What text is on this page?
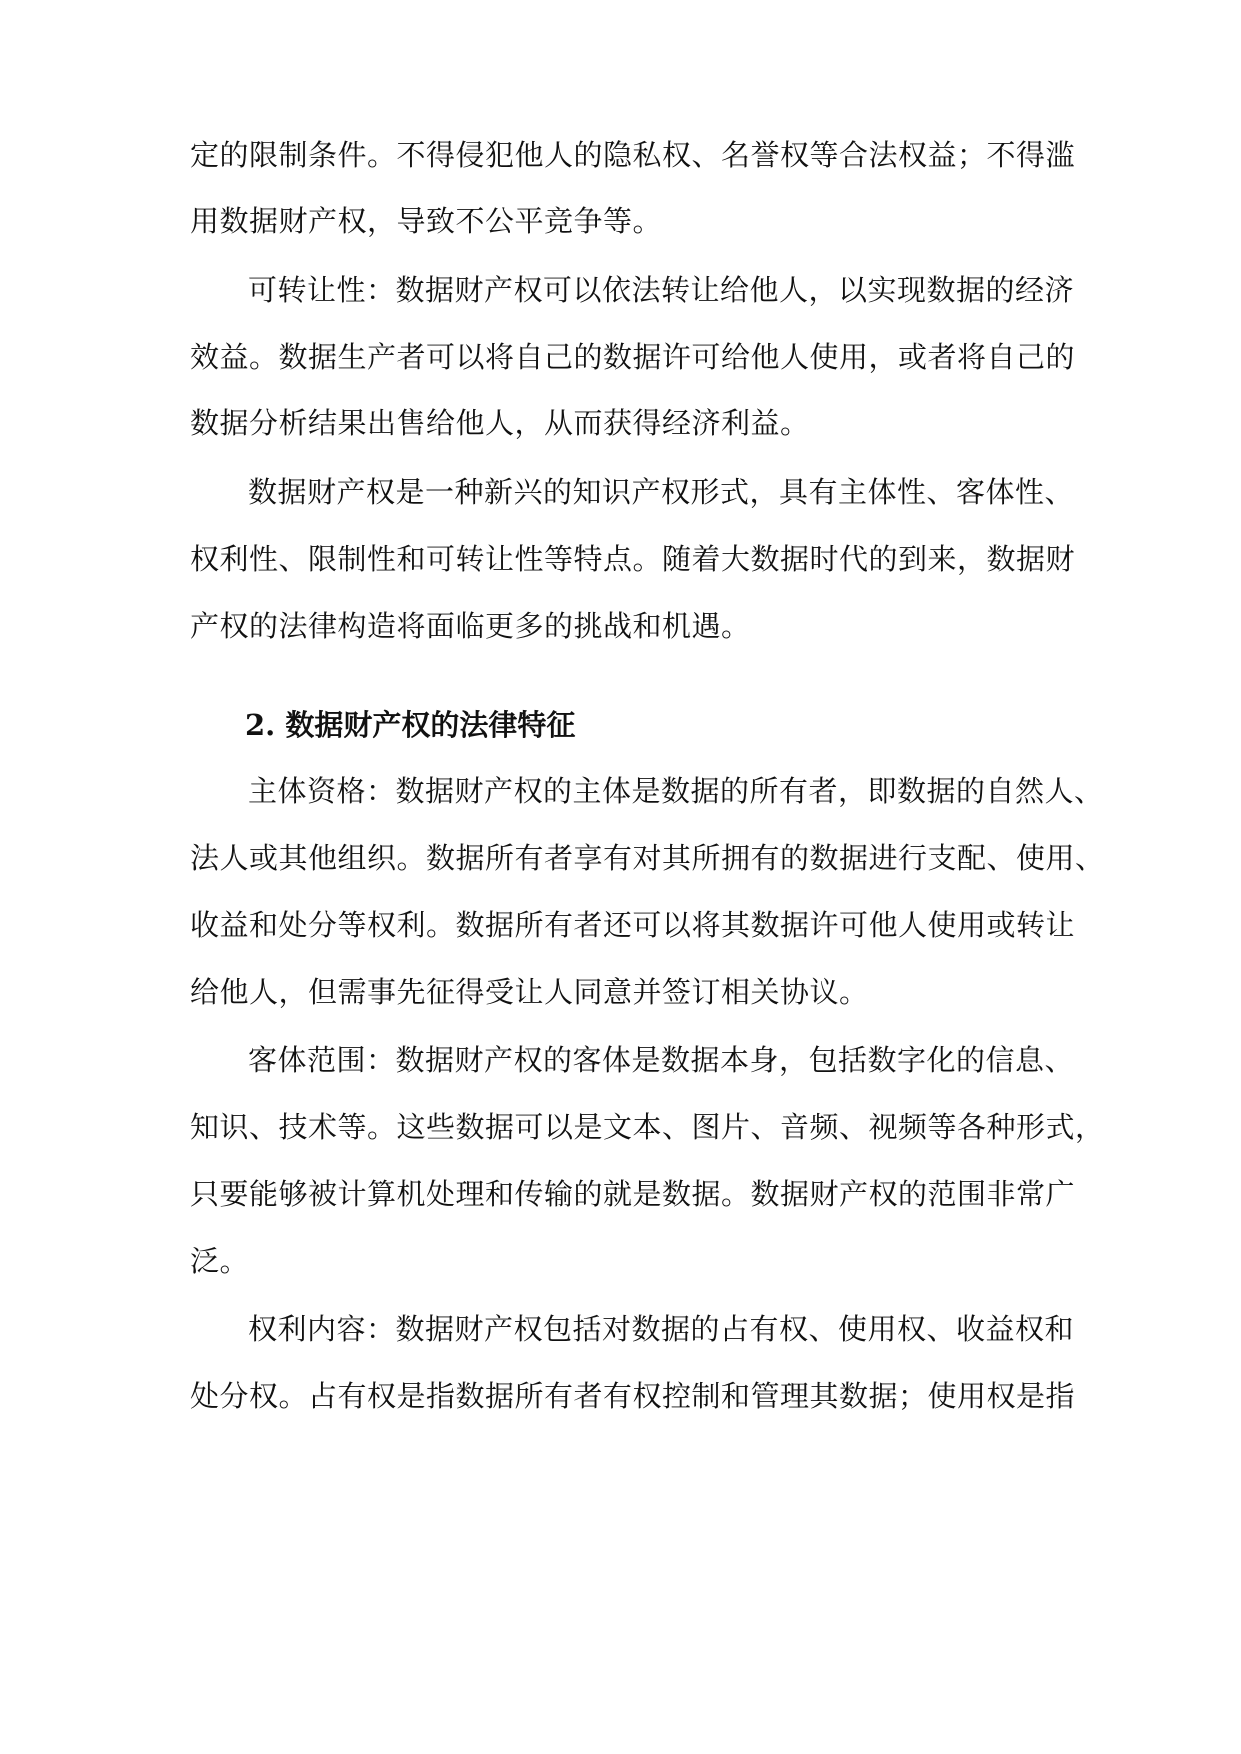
定的限制条件。不得侵犯他人的隐私权、名誉权等合法权益；不得滥
用数据财产权，导致不公平竞争等。
可转让性：数据财产权可以依法转让给他人，以实现数据的经济
效益。数据生产者可以将自己的数据许可给他人使用，或者将自己的
数据分析结果出售给他人，从而获得经济利益。
数据财产权是一种新兴的知识产权形式，具有主体性、客体性、
权利性、限制性和可转让性等特点。随着大数据时代的到来，数据财
产权的法律构造将面临更多的挑战和机遇。
2. 数据财产权的法律特征
主体资格：数据财产权的主体是数据的所有者，即数据的自然人、
法人或其他组织。数据所有者享有对其所拥有的数据进行支配、使用、
收益和处分等权利。数据所有者还可以将其数据许可他人使用或转让
给他人，但需事先征得受让人同意并签订相关协议。
客体范围：数据财产权的客体是数据本身，包括数字化的信息、
知识、技术等。这些数据可以是文本、图片、音频、视频等各种形式，
只要能够被计算机处理和传输的就是数据。数据财产权的范围非常广
泛。
权利内容：数据财产权包括对数据的占有权、使用权、收益权和
处分权。占有权是指数据所有者有权控制和管理其数据；使用权是指
